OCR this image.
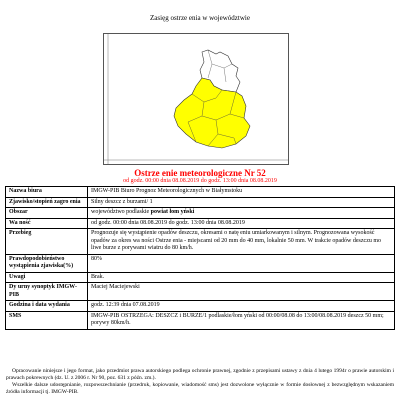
Zasięg ostrze enia w województwie
Ostrze enie meteorologiczne Nr 52
od godz. 00:00 dnia 08.08.2019 do godz. 13:00 dnia 08.08.2019
Nazwa biura	IMGW-PIB Biuro Prognoz Meteorologicznych w Białymstoku
Zjawisko/stopień zagro enia	Silny deszcz z burzami/ 1
Obszar	województwo podlaskie powiat łom yński
Wa ność	od godz. 00:00 dnia 08.08.2019 do godz. 13:00 dnia 08.08.2019
Przebieg	Prognozuje się wystąpienie opadów deszczu, okresami o natę eniu umiarkowanym i silnym. Prognozowana wysokość opadów za okres wa ności Ostrze enia - miejscami od 20 mm do 40 mm, lokalnie 50 mm. W trakcie opadów deszczu mo liwe burze z porywami wiatru do 80 km/h.
Prawdopodobieństwo wystąpienia zjawiska(%)	80%
Uwagi	Brak.
Dy urny synoptyk IMGW-PIB	Maciej Maciejewski
Godzina i data wydania	godz. 12:39 dnia 07.08.2019
SMS	IMGW-PIB OSTRZEGA: DESZCZ i BURZE/1 podlaskie/łom yński od 00:00/08.08 do 13:00/08.08.2019 deszcz 50 mm; porywy 80km/h.

Opracowanie niniejsze i jego format, jako przedmiot prawa autorskiego podlega ochronie prawnej, zgodnie z przepisami ustawy z dnia 4 lutego 1994r o prawie autorskim i prawach pokrewnych (dz. U. z 2006 r. Nr 90, poz. 631 z późn. zm.).

Wszelkie dalsze udostępnianie, rozpowszechnianie (przedruk, kopiowanie, wiadomość sms) jest dozwolone wyłącznie w formie dosłownej z bezwzględnym wskazaniem źródła informacji tj. IMGW-PIB.
